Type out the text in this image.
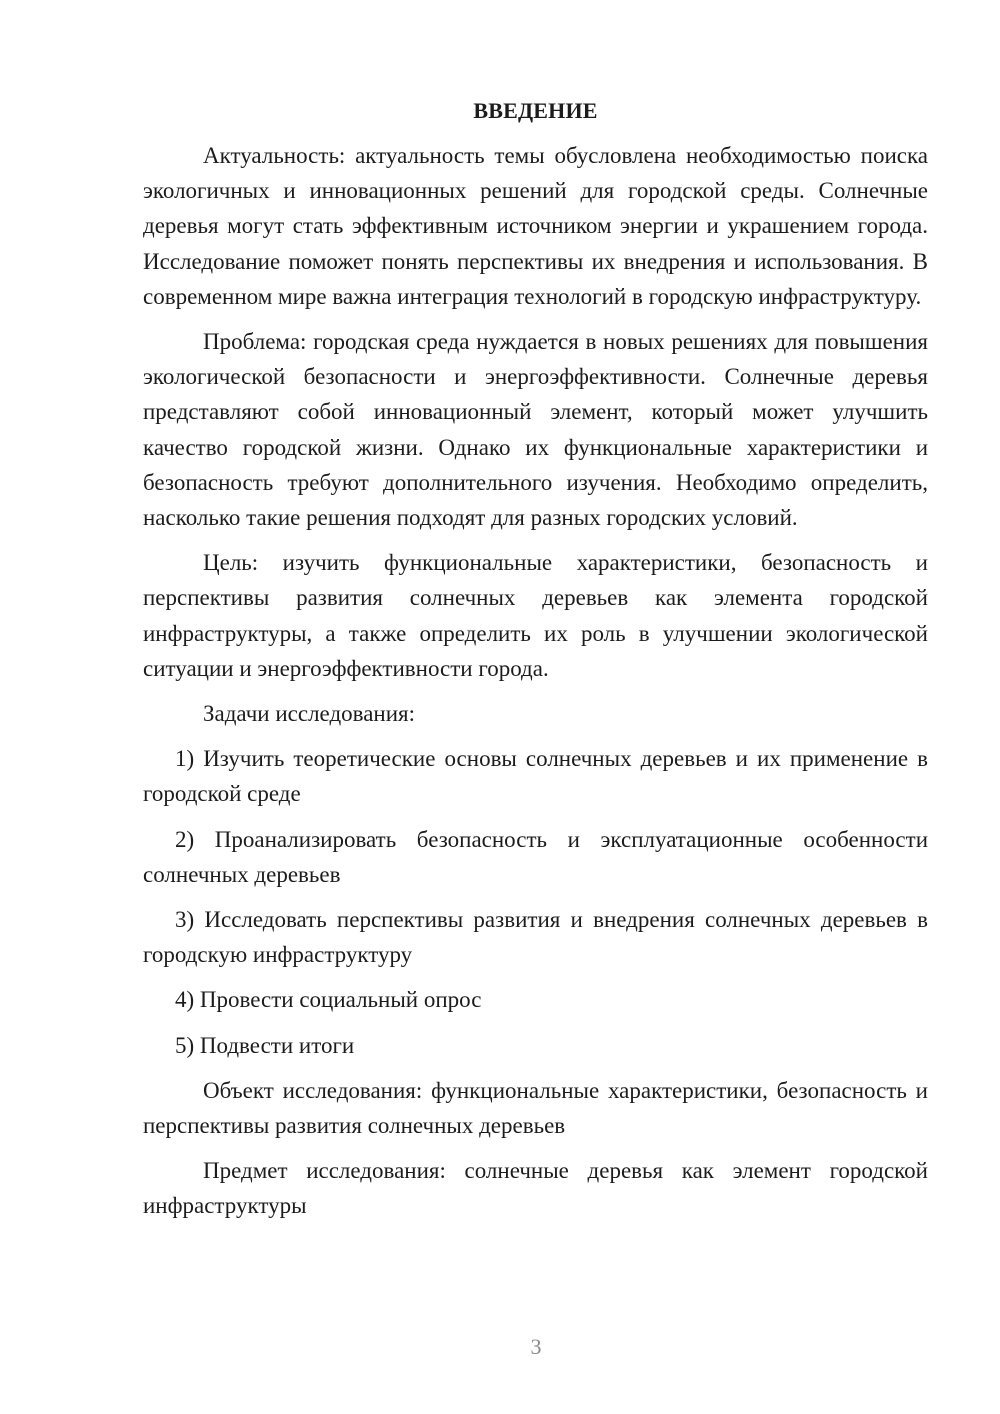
ВВЕДЕНИЕ

Актуальность: актуальность темы обусловлена необходимостью поиска экологичных и инновационных решений для городской среды. Солнечные деревья могут стать эффективным источником энергии и украшением города. Исследование поможет понять перспективы их внедрения и использования. В современном мире важна интеграция технологий в городскую инфраструктуру.

Проблема: городская среда нуждается в новых решениях для повышения экологической безопасности и энергоэффективности. Солнечные деревья представляют собой инновационный элемент, который может улучшить качество городской жизни. Однако их функциональные характеристики и безопасность требуют дополнительного изучения. Необходимо определить, насколько такие решения подходят для разных городских условий.

Цель: изучить функциональные характеристики, безопасность и перспективы развития солнечных деревьев как элемента городской инфраструктуры, а также определить их роль в улучшении экологической ситуации и энергоэффективности города.

Задачи исследования:

1) Изучить теоретические основы солнечных деревьев и их применение в городской среде

2) Проанализировать безопасность и эксплуатационные особенности солнечных деревьев

3) Исследовать перспективы развития и внедрения солнечных деревьев в городскую инфраструктуру

4) Провести социальный опрос

5) Подвести итоги

Объект исследования: функциональные характеристики, безопасность и перспективы развития солнечных деревьев

Предмет исследования: солнечные деревья как элемент городской инфраструктуры

3
